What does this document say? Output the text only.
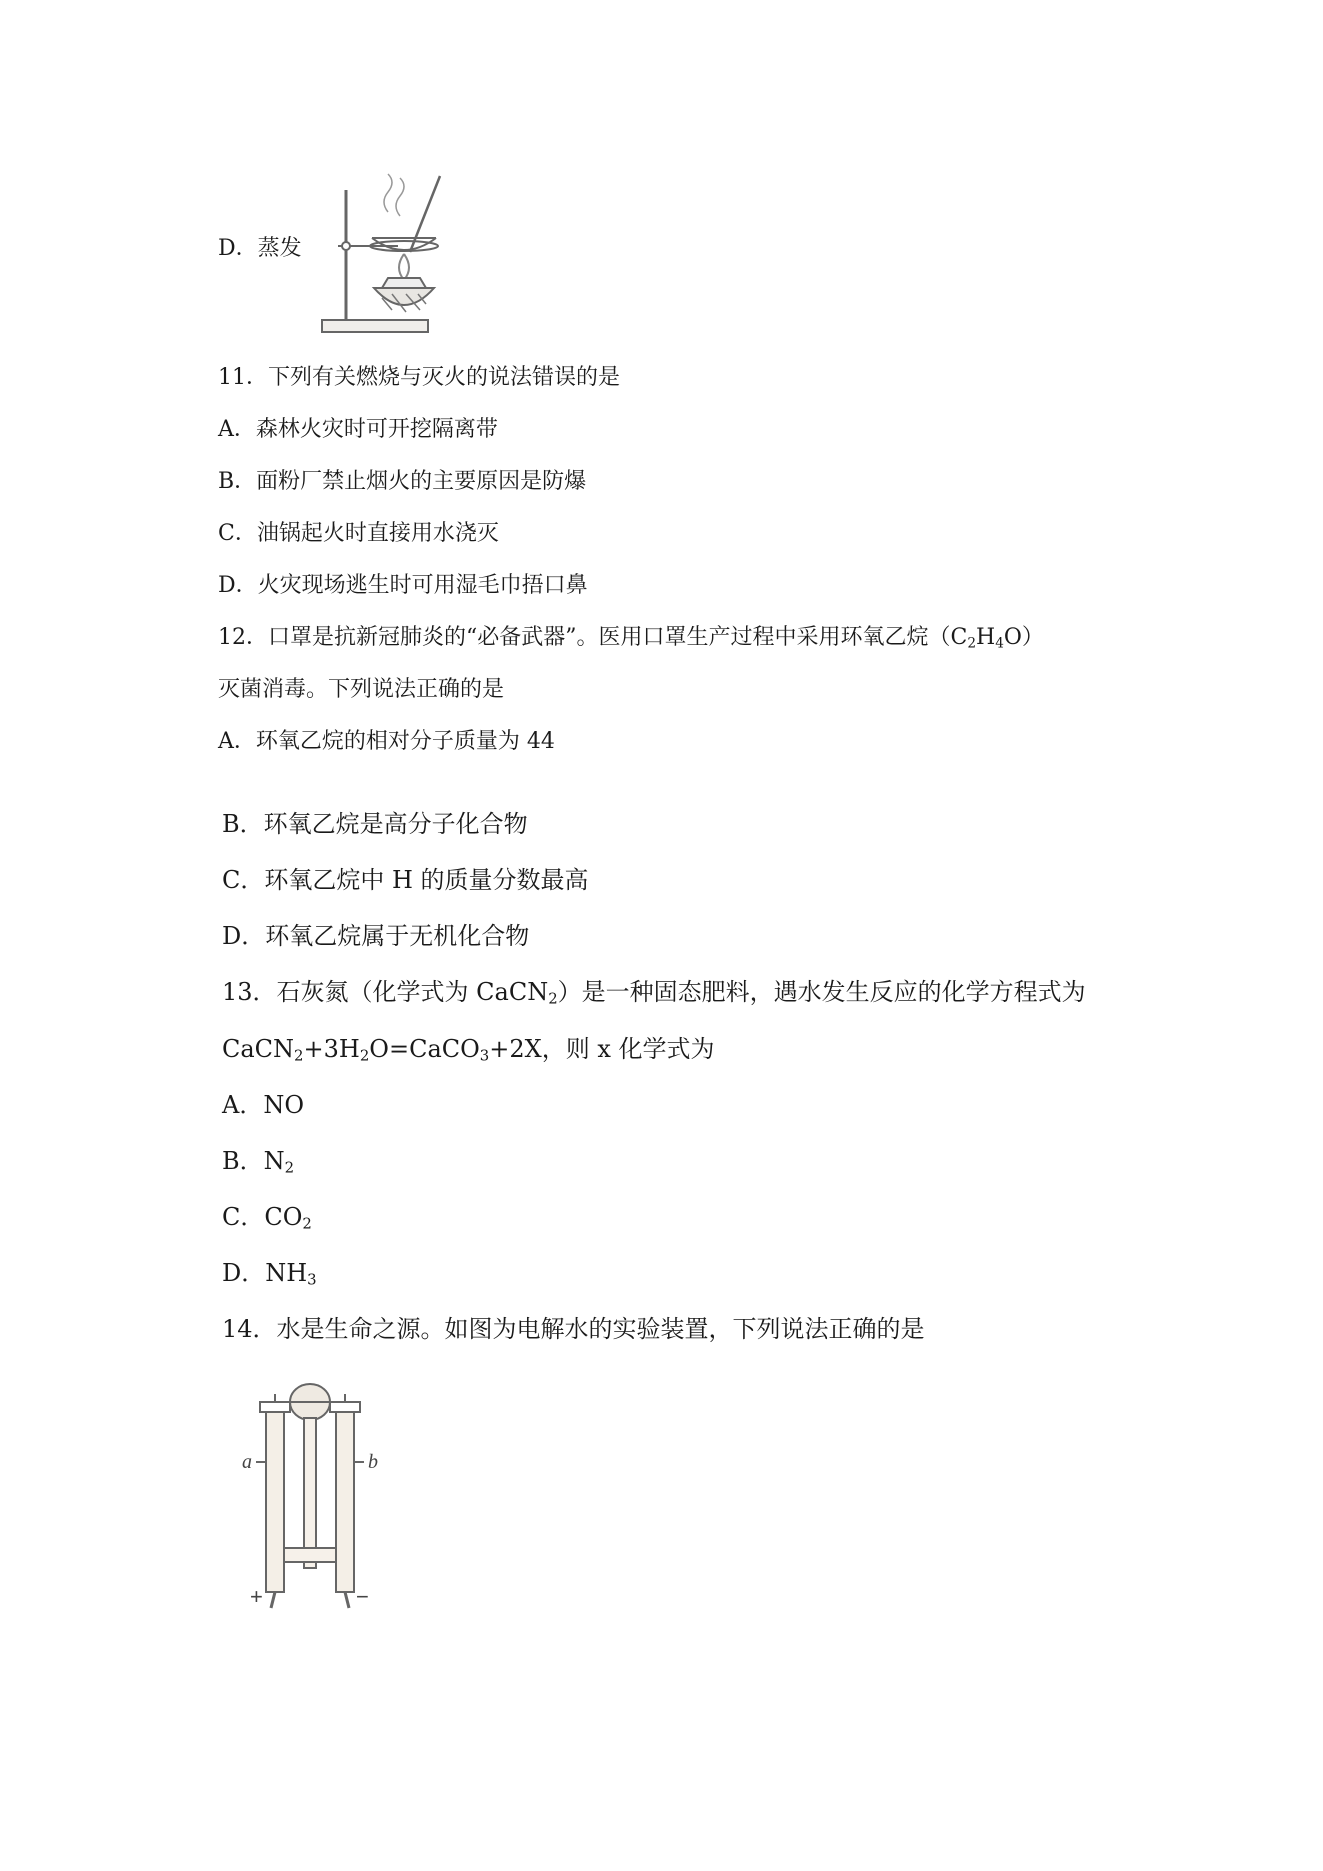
D．蒸发
11．下列有关燃烧与灭火的说法错误的是
A．森林火灾时可开挖隔离带
B．面粉厂禁止烟火的主要原因是防爆
C．油锅起火时直接用水浇灭
D．火灾现场逃生时可用湿毛巾捂口鼻
12．口罩是抗新冠肺炎的“必备武器”。医用口罩生产过程中采用环氧乙烷$(C_2H_4O)$
灭菌消毒。下列说法正确的是
A．环氧乙烷的相对分子质量为 44
B．环氧乙烷是高分子化合物
C．环氧乙烷中 H 的质量分数最高
D．环氧乙烷属于无机化合物
13．石灰氮（化学式为 CaCN$_2$）是一种固态肥料，遇水发生反应的化学方程式为
$CaCN_2+3H_2O=CaCO_3+2X$，则 x 化学式为
A．NO
B．$N_2$
C．$CO_2$
D．$NH_3$
14．水是生命之源。如图为电解水的实验装置，下列说法正确的是
a	b
+	−
